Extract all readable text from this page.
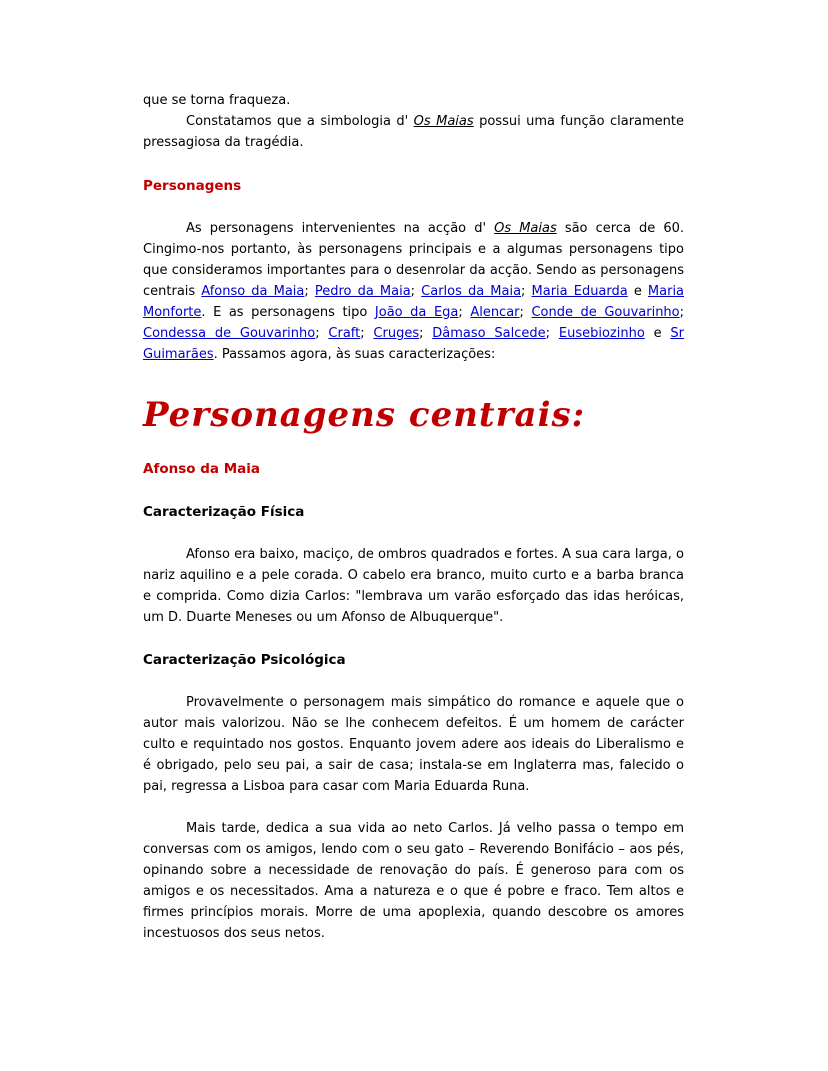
que se torna fraqueza.

Constatamos que a simbologia d' Os Maias possui uma função claramente pressagiosa da tragédia.

Personagens

As personagens intervenientes na acção d' Os Maias são cerca de 60. Cingimo-nos portanto, às personagens principais e a algumas personagens tipo que consideramos importantes para o desenrolar da acção. Sendo as personagens centrais Afonso da Maia; Pedro da Maia; Carlos da Maia; Maria Eduarda e Maria Monforte. E as personagens tipo João da Ega; Alencar; Conde de Gouvarinho; Condessa de Gouvarinho; Craft; Cruges; Dâmaso Salcede; Eusebiozinho e Sr Guimarães. Passamos agora, às suas caracterizações:

Personagens centrais:
Afonso da Maia
Caracterização Física

Afonso era baixo, maciço, de ombros quadrados e fortes. A sua cara larga, o nariz aquilino e a pele corada. O cabelo era branco, muito curto e a barba branca e comprida. Como dizia Carlos: "lembrava um varão esforçado das idas heróicas, um D. Duarte Meneses ou um Afonso de Albuquerque".

Caracterização Psicológica

Provavelmente o personagem mais simpático do romance e aquele que o autor mais valorizou. Não se lhe conhecem defeitos. É um homem de carácter culto e requintado nos gostos. Enquanto jovem adere aos ideais do Liberalismo e é obrigado, pelo seu pai, a sair de casa; instala-se em Inglaterra mas, falecido o pai, regressa a Lisboa para casar com Maria Eduarda Runa.

Mais tarde, dedica a sua vida ao neto Carlos. Já velho passa o tempo em conversas com os amigos, lendo com o seu gato – Reverendo Bonifácio – aos pés, opinando sobre a necessidade de renovação do país. É generoso para com os amigos e os necessitados. Ama a natureza e o que é pobre e fraco. Tem altos e firmes princípios morais. Morre de uma apoplexia, quando descobre os amores incestuosos dos seus netos.
